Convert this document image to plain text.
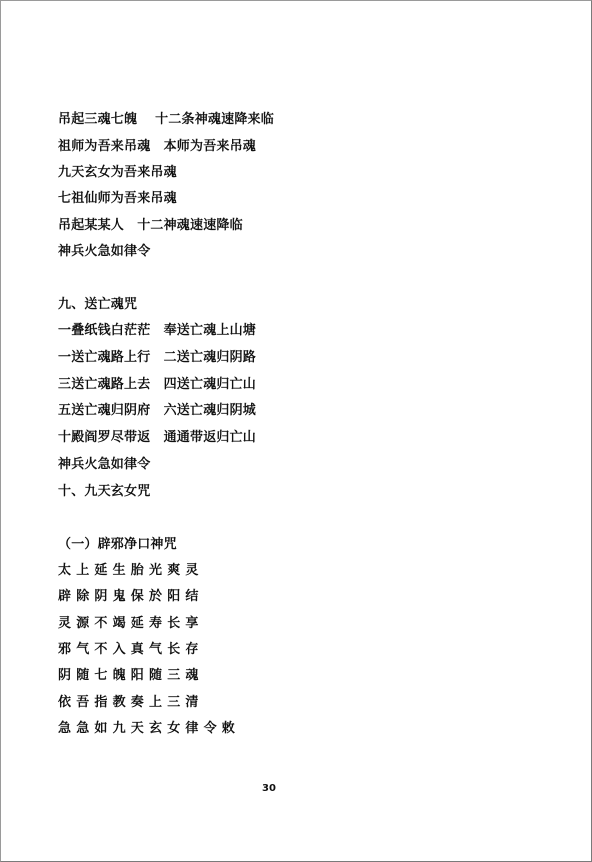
吊起三魂七魄　 十二条神魂速降来临
祖师为吾来吊魂　本师为吾来吊魂
九天玄女为吾来吊魂
七祖仙师为吾来吊魂
吊起某某人　十二神魂速速降临
神兵火急如律令
九、送亡魂咒
一叠纸钱白茫茫　奉送亡魂上山塘
一送亡魂路上行　二送亡魂归阴路
三送亡魂路上去　四送亡魂归亡山
五送亡魂归阴府　六送亡魂归阴城
十殿阎罗尽带返　通通带返归亡山
神兵火急如律令
十、九天玄女咒
（一）辟邪净口神咒
太上延生胎光爽灵
辟除阴鬼保於阳结
灵源不竭延寿长享
邪气不入真气长存
阴随七魄阳随三魂
依吾指教奏上三清
急急如九天玄女律令敕
30
